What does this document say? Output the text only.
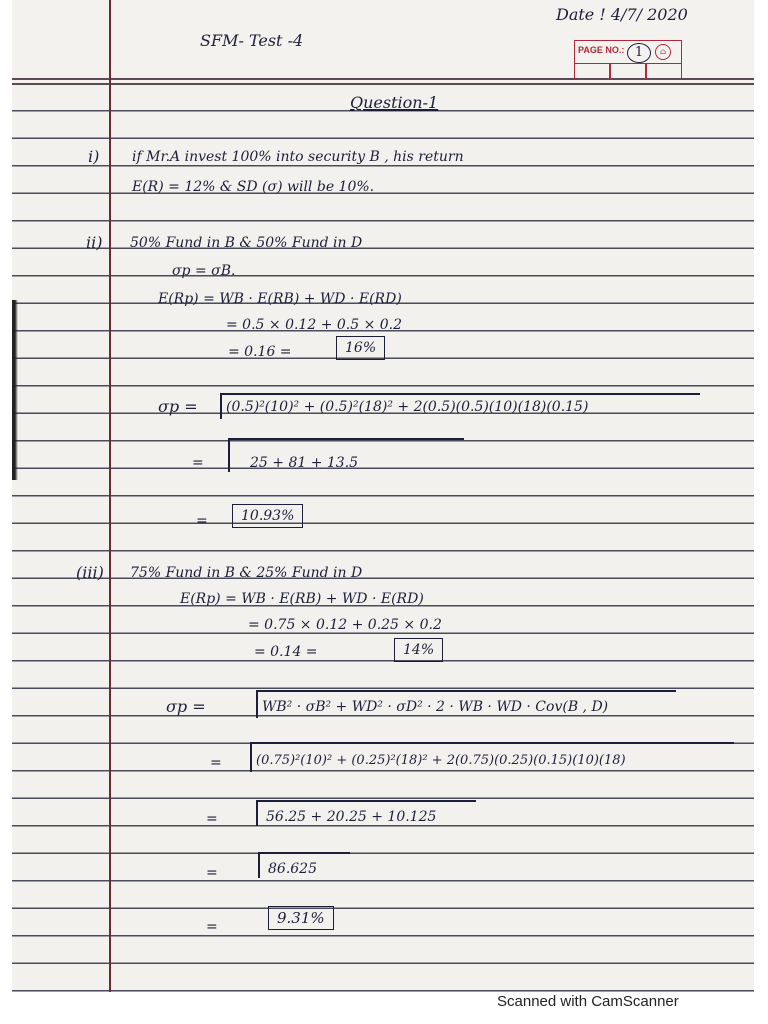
SFM- Test -4
Date ! 4/7/ 2020
PAGE NO.: 1	⌂
Question-1
i) if Mr.A invest 100% into security B , his return
E(R) = 12% & SD (σ) will be 10%.
ii) 50% Fund in B & 50% Fund in D
σp = σB.
E(Rp) = WB · E(RB) + WD · E(RD)
= 0.5 × 0.12 + 0.5 × 0.2
= 0.16 =	16%
σp = (0.5)²(10)² + (0.5)²(18)² + 2(0.5)(0.5)(10)(18)(0.15)
=	25 + 81 + 13.5
=	10.93%
(iii) 75% Fund in B & 25% Fund in D
E(Rp) = WB · E(RB) + WD · E(RD)
= 0.75 × 0.12 + 0.25 × 0.2
= 0.14 =	14%
σp =	WB² · σB² + WD² · σD² · 2 · WB · WD · Cov(B , D)
=	(0.75)²(10)² + (0.25)²(18)² + 2(0.75)(0.25)(0.15)(10)(18)
=	56.25 + 20.25 + 10.125
=	86.625
=	9.31%
Scanned with CamScanner
